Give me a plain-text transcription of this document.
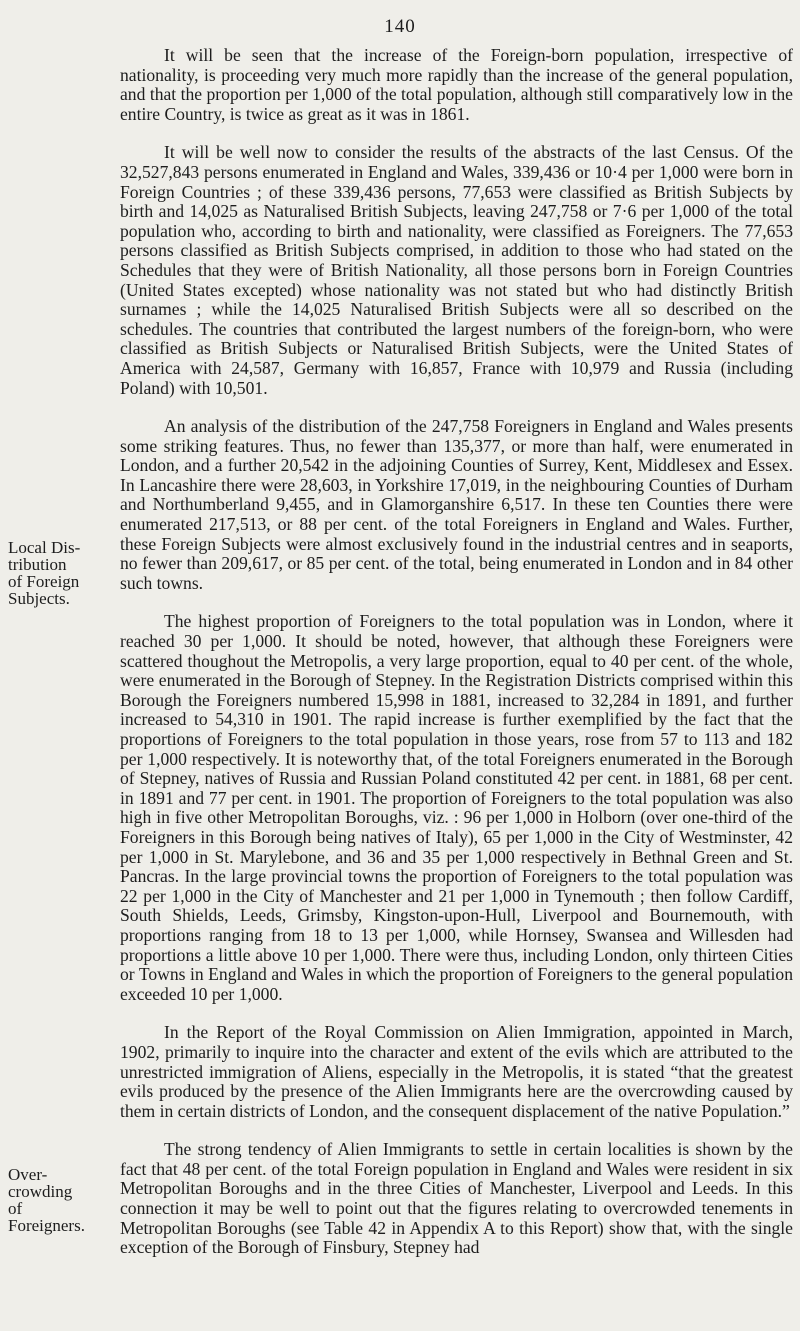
140
Local Dis-
tribution
of Foreign
Subjects.
Over-
crowding
of
Foreigners.

It will be seen that the increase of the Foreign-born population, irrespective of nationality, is proceeding very much more rapidly than the increase of the general population, and that the proportion per 1,000 of the total population, although still comparatively low in the entire Country, is twice as great as it was in 1861.

It will be well now to consider the results of the abstracts of the last Census. Of the 32,527,843 persons enumerated in England and Wales, 339,436 or 10·4 per 1,000 were born in Foreign Countries ; of these 339,436 persons, 77,653 were classified as British Subjects by birth and 14,025 as Naturalised British Subjects, leaving 247,758 or 7·6 per 1,000 of the total population who, according to birth and nationality, were classified as Foreigners. The 77,653 persons classified as British Subjects comprised, in addition to those who had stated on the Schedules that they were of British Nationality, all those persons born in Foreign Countries (United States excepted) whose nationality was not stated but who had distinctly British surnames ; while the 14,025 Naturalised British Subjects were all so described on the schedules. The countries that contributed the largest numbers of the foreign-born, who were classified as British Subjects or Naturalised British Subjects, were the United States of America with 24,587, Germany with 16,857, France with 10,979 and Russia (including Poland) with 10,501.

An analysis of the distribution of the 247,758 Foreigners in England and Wales presents some striking features. Thus, no fewer than 135,377, or more than half, were enumerated in London, and a further 20,542 in the adjoining Counties of Surrey, Kent, Middlesex and Essex. In Lancashire there were 28,603, in Yorkshire 17,019, in the neighbouring Counties of Durham and Northumberland 9,455, and in Glamorganshire 6,517. In these ten Counties there were enumerated 217,513, or 88 per cent. of the total Foreigners in England and Wales. Further, these Foreign Subjects were almost exclusively found in the industrial centres and in seaports, no fewer than 209,617, or 85 per cent. of the total, being enumerated in London and in 84 other such towns.

The highest proportion of Foreigners to the total population was in London, where it reached 30 per 1,000. It should be noted, however, that although these Foreigners were scattered thoughout the Metropolis, a very large proportion, equal to 40 per cent. of the whole, were enumerated in the Borough of Stepney. In the Registration Districts comprised within this Borough the Foreigners numbered 15,998 in 1881, increased to 32,284 in 1891, and further increased to 54,310 in 1901. The rapid increase is further exemplified by the fact that the proportions of Foreigners to the total population in those years, rose from 57 to 113 and 182 per 1,000 respectively. It is noteworthy that, of the total Foreigners enumerated in the Borough of Stepney, natives of Russia and Russian Poland constituted 42 per cent. in 1881, 68 per cent. in 1891 and 77 per cent. in 1901. The proportion of Foreigners to the total population was also high in five other Metropolitan Boroughs, viz. : 96 per 1,000 in Holborn (over one-third of the Foreigners in this Borough being natives of Italy), 65 per 1,000 in the City of Westminster, 42 per 1,000 in St. Marylebone, and 36 and 35 per 1,000 respectively in Bethnal Green and St. Pancras. In the large provincial towns the proportion of Foreigners to the total population was 22 per 1,000 in the City of Manchester and 21 per 1,000 in Tynemouth ; then follow Cardiff, South Shields, Leeds, Grimsby, Kingston-upon-Hull, Liverpool and Bournemouth, with proportions ranging from 18 to 13 per 1,000, while Hornsey, Swansea and Willesden had proportions a little above 10 per 1,000. There were thus, including London, only thirteen Cities or Towns in England and Wales in which the proportion of Foreigners to the general population exceeded 10 per 1,000.

In the Report of the Royal Commission on Alien Immigration, appointed in March, 1902, primarily to inquire into the character and extent of the evils which are attributed to the unrestricted immigration of Aliens, especially in the Metropolis, it is stated “that the greatest evils produced by the presence of the Alien Immigrants here are the overcrowding caused by them in certain districts of London, and the consequent displacement of the native Population.”

The strong tendency of Alien Immigrants to settle in certain localities is shown by the fact that 48 per cent. of the total Foreign population in England and Wales were resident in six Metropolitan Boroughs and in the three Cities of Manchester, Liverpool and Leeds. In this connection it may be well to point out that the figures relating to overcrowded tenements in Metropolitan Boroughs (see Table 42 in Appendix A to this Report) show that, with the single exception of the Borough of Finsbury, Stepney had
